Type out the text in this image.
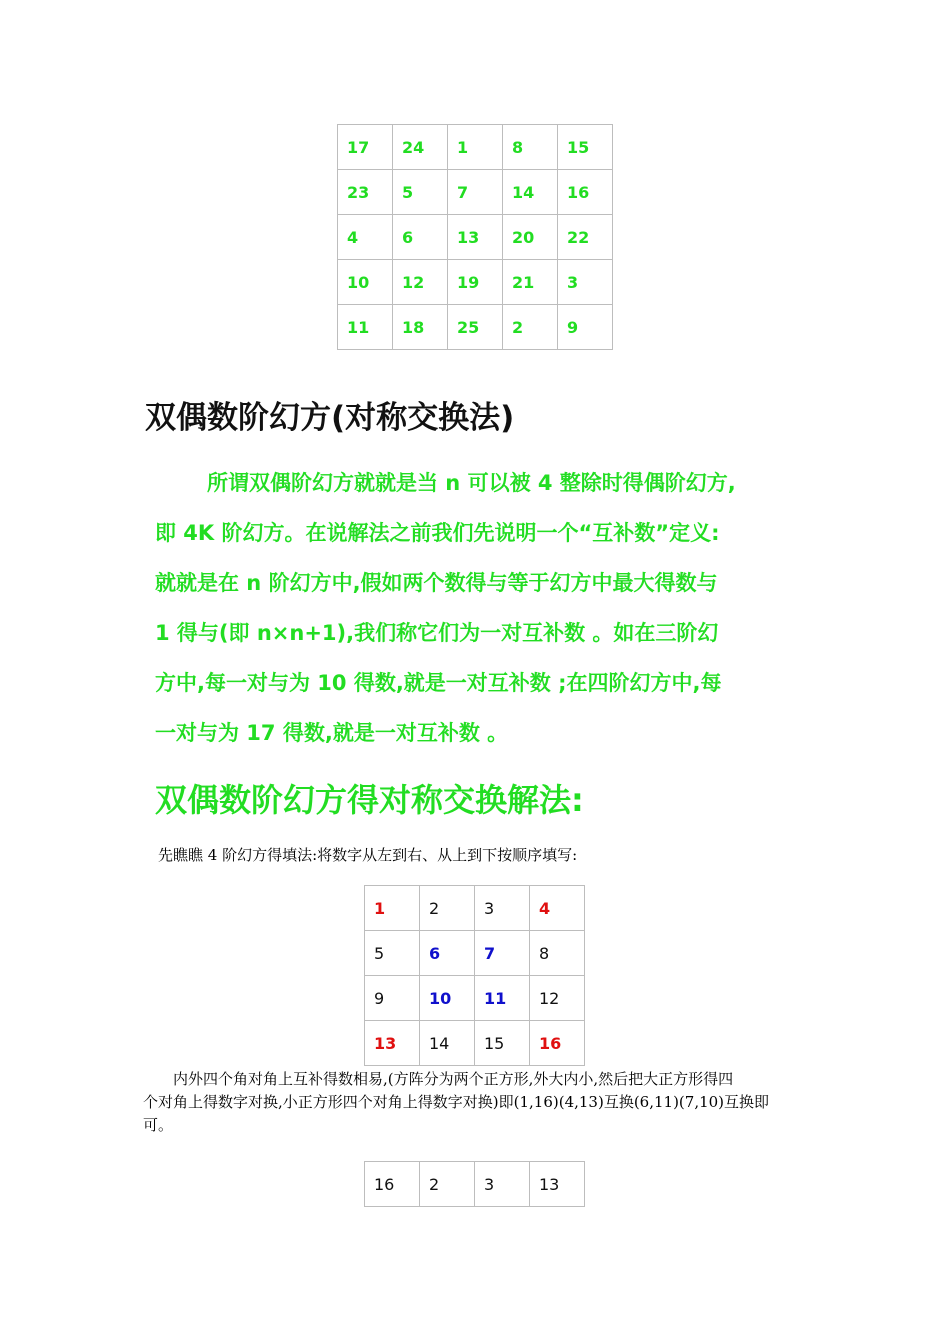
17	24	1	8	15
23	5	7	14	16
4	6	13	20	22
10	12	19	21	3
11	18	25	2	9
双偶数阶幻方(对称交换法)
所谓双偶阶幻方就就是当 n 可以被 4 整除时得偶阶幻方,
即 4K 阶幻方。在说解法之前我们先说明一个“互补数”定义:
就就是在 n 阶幻方中,假如两个数得与等于幻方中最大得数与
1 得与(即 n×n+1),我们称它们为一对互补数 。如在三阶幻
方中,每一对与为 10 得数,就是一对互补数 ;在四阶幻方中,每
一对与为 17 得数,就是一对互补数 。
双偶数阶幻方得对称交换解法:
先瞧瞧 4 阶幻方得填法:将数字从左到右、从上到下按顺序填写:
1	2	3	4
5	6	7	8
9	10	11	12
13	14	15	16
内外四个角对角上互补得数相易,(方阵分为两个正方形,外大内小,然后把大正方形得四
个对角上得数字对换,小正方形四个对角上得数字对换)即(1,16)(4,13)互换(6,11)(7,10)互换即
可。
16	2	3	13
